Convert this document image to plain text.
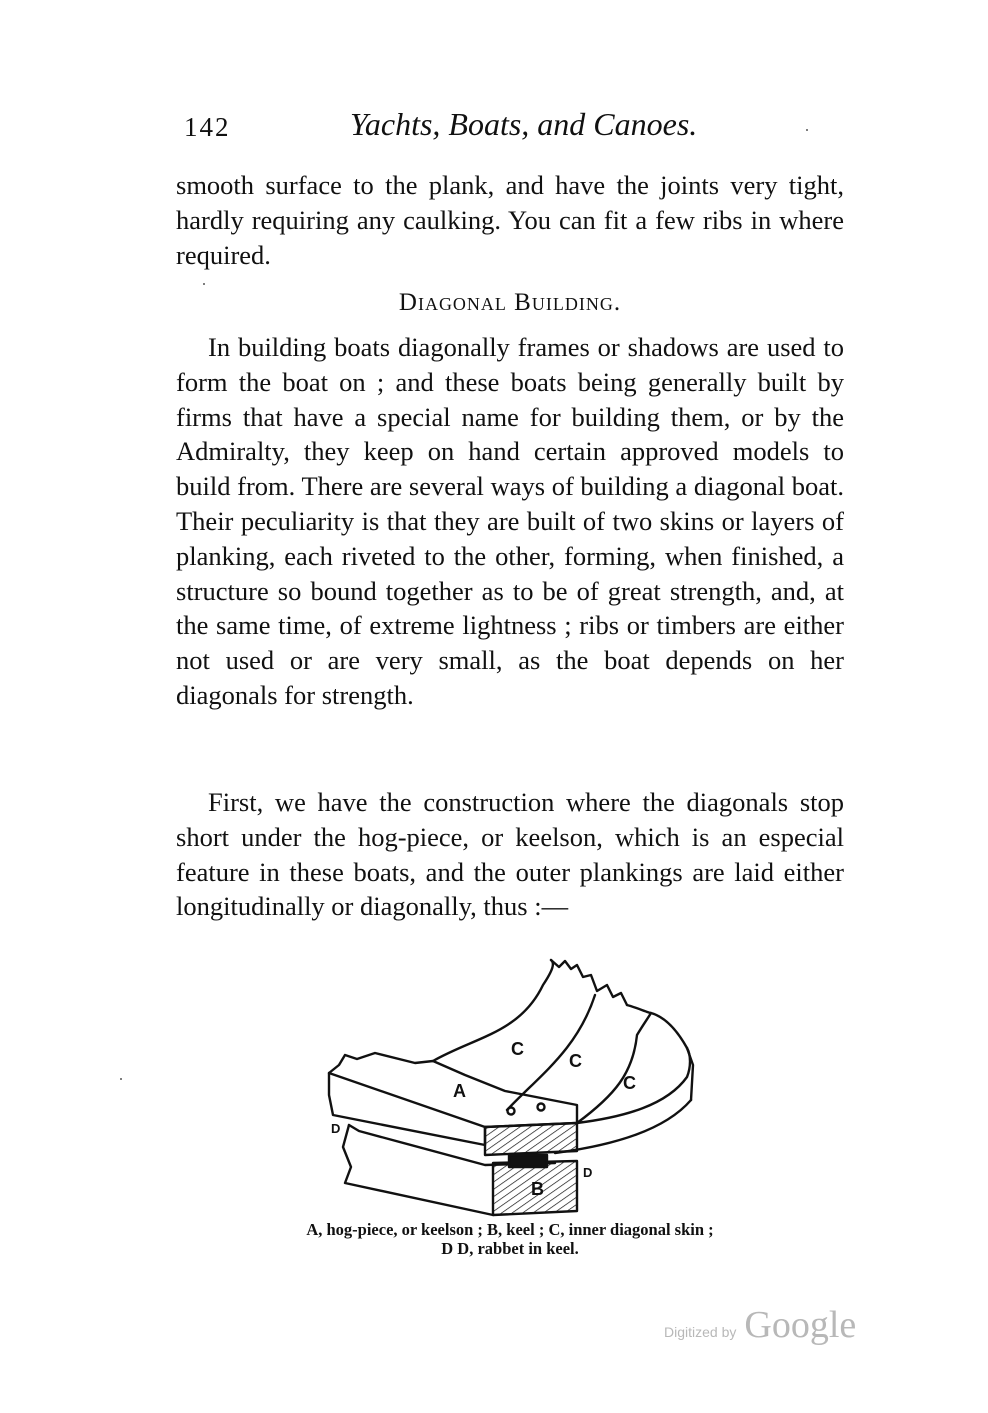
142	Yachts, Boats, and Canoes.

smooth surface to the plank, and have the joints very tight, hardly requiring any caulking. You can fit a few ribs in where required.

Diagonal Building.

In building boats diagonally frames or shadows are used to form the boat on ; and these boats being generally built by firms that have a special name for building them, or by the Admiralty, they keep on hand certain approved models to build from. There are several ways of building a diagonal boat. Their peculiarity is that they are built of two skins or layers of planking, each riveted to the other, forming, when finished, a structure so bound together as to be of great strength, and, at the same time, of extreme lightness ; ribs or timbers are either not used or are very small, as the boat depends on her diagonals for strength.

First, we have the construction where the diagonals stop short under the hog-piece, or keelson, which is an especial feature in these boats, and the outer plankings are laid either longitudinally or diagonally, thus :—

A
C
C
C
B
D
D
A, hog-piece, or keelson ; B, keel ; C, inner diagonal skin ;
D D, rabbet in keel.
Digitized by Google
